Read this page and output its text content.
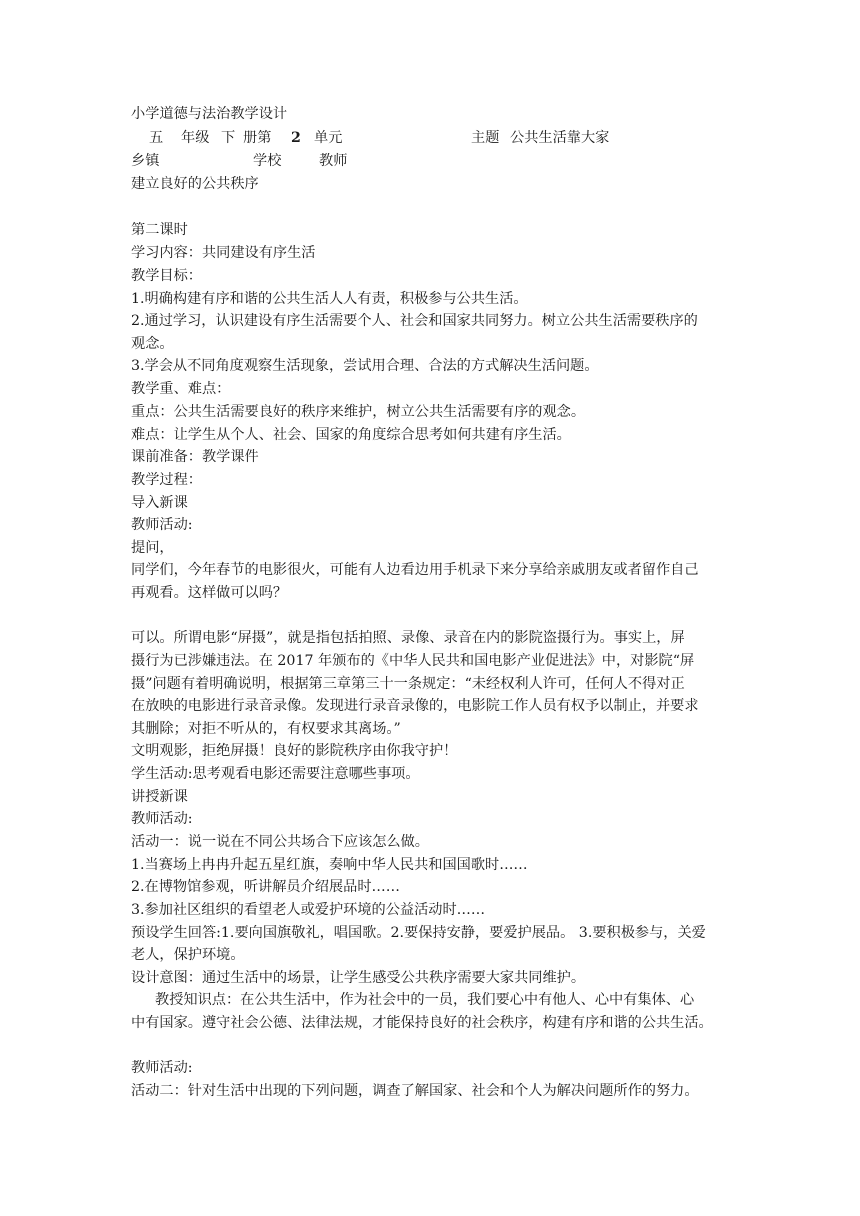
小学道德与法治教学设计
五 年级 下 册第 2 单元	主题 公共生活靠大家
乡镇	学校	教师
建立良好的公共秩序
第二课时
学习内容：共同建设有序生活
教学目标：
1.明确构建有序和谐的公共生活人人有责，积极参与公共生活。
2.通过学习，认识建设有序生活需要个人、社会和国家共同努力。树立公共生活需要秩序的
观念。
3.学会从不同角度观察生活现象，尝试用合理、合法的方式解决生活问题。
教学重、难点：
重点：公共生活需要良好的秩序来维护，树立公共生活需要有序的观念。
难点：让学生从个人、社会、国家的角度综合思考如何共建有序生活。
课前准备：教学课件
教学过程：
导入新课
教师活动:
提问，
同学们，今年春节的电影很火，可能有人边看边用手机录下来分享给亲戚朋友或者留作自己
再观看。这样做可以吗？
可以。所谓电影“屏摄”，就是指包括拍照、录像、录音在内的影院盗摄行为。事实上，屏
摄行为已涉嫌违法。在 2017 年颁布的《中华人民共和国电影产业促进法》中，对影院“屏
摄”问题有着明确说明，根据第三章第三十一条规定：“未经权利人许可，任何人不得对正
在放映的电影进行录音录像。发现进行录音录像的，电影院工作人员有权予以制止，并要求
其删除；对拒不听从的，有权要求其离场。”
文明观影，拒绝屏摄！良好的影院秩序由你我守护！
学生活动:思考观看电影还需要注意哪些事项。
讲授新课
教师活动:
活动一：说一说在不同公共场合下应该怎么做。
1.当赛场上冉冉升起五星红旗，奏响中华人民共和国国歌时……
2.在博物馆参观，听讲解员介绍展品时……
3.参加社区组织的看望老人或爱护环境的公益活动时……
预设学生回答:1.要向国旗敬礼，唱国歌。2.要保持安静，要爱护展品。 3.要积极参与，关爱
老人，保护环境。
设计意图：通过生活中的场景，让学生感受公共秩序需要大家共同维护。
教授知识点：在公共生活中，作为社会中的一员，我们要心中有他人、心中有集体、心
中有国家。遵守社会公德、法律法规，才能保持良好的社会秩序，构建有序和谐的公共生活。
教师活动:
活动二：针对生活中出现的下列问题，调查了解国家、社会和个人为解决问题所作的努力。
